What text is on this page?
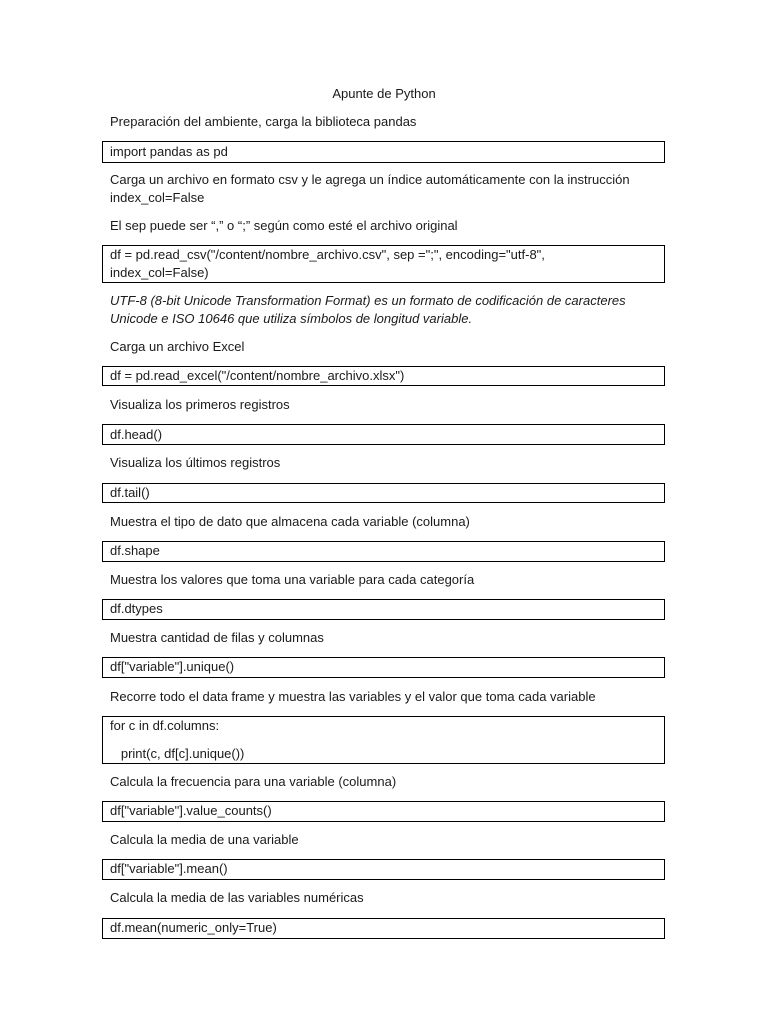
Apunte de Python
Preparación del ambiente, carga la biblioteca pandas
import pandas as pd
Carga un archivo en formato csv y le agrega un índice automáticamente con la instrucción index_col=False
El sep puede ser “,” o “;” según como esté el archivo original
df = pd.read_csv("/content/nombre_archivo.csv", sep =";", encoding="utf-8",
index_col=False)
UTF-8 (8-bit Unicode Transformation Format) es un formato de codificación de caracteres Unicode e ISO 10646 que utiliza símbolos de longitud variable.
Carga un archivo Excel
df = pd.read_excel("/content/nombre_archivo.xlsx")
Visualiza los primeros registros
df.head()
Visualiza los últimos registros
df.tail()
Muestra el tipo de dato que almacena cada variable (columna)
df.shape
Muestra los valores que toma una variable para cada categoría
df.dtypes
Muestra cantidad de filas y columnas
df["variable"].unique()
Recorre todo el data frame y muestra las variables y el valor que toma cada variable
for c in df.columns:
print(c, df[c].unique())
Calcula la frecuencia para una variable (columna)
df["variable"].value_counts()
Calcula la media de una variable
df["variable"].mean()
Calcula la media de las variables numéricas
df.mean(numeric_only=True)
